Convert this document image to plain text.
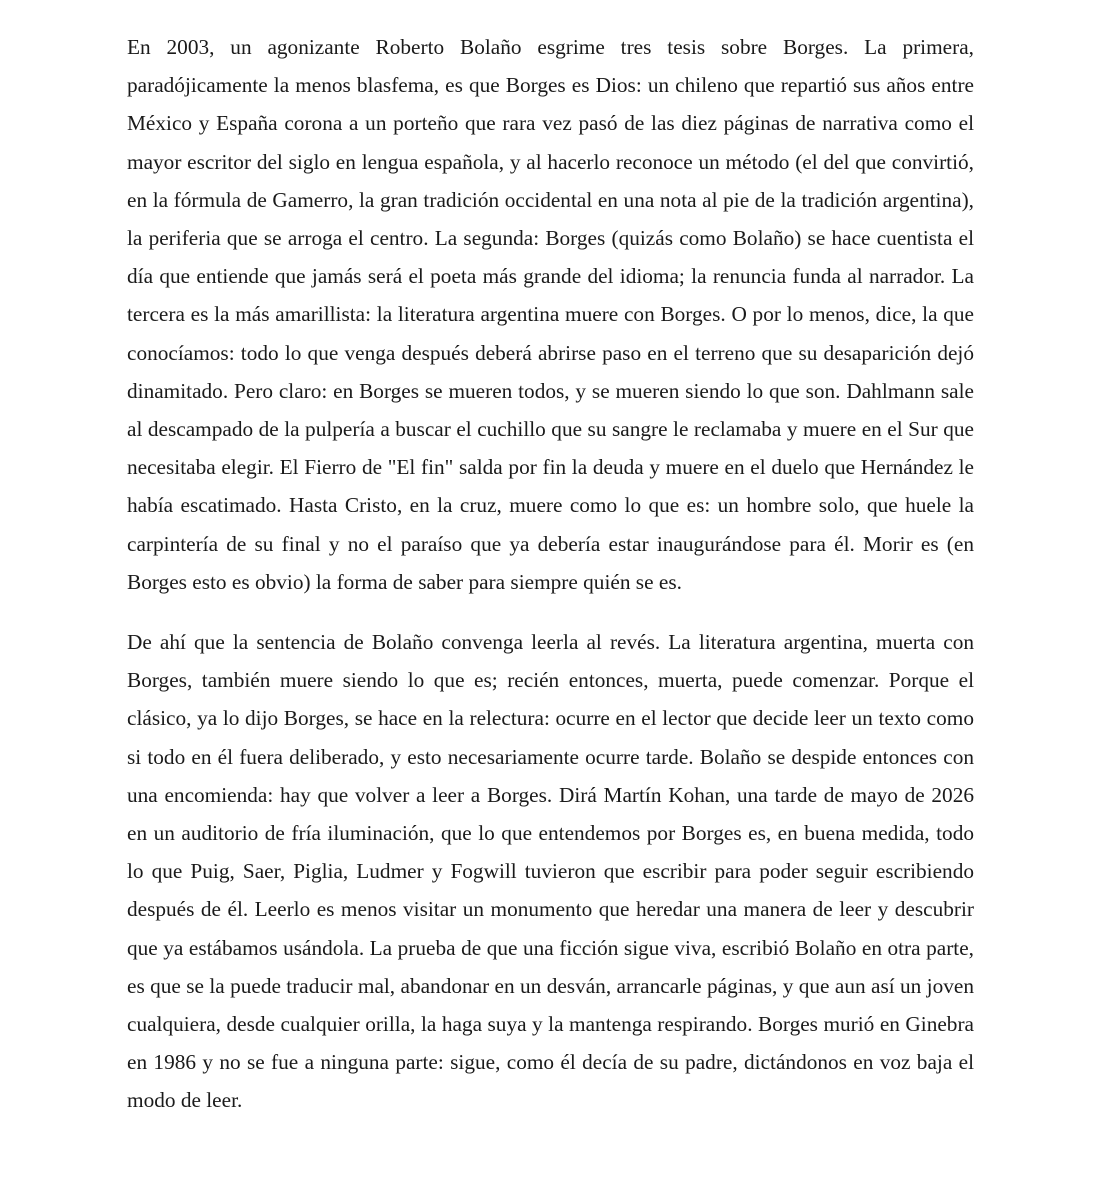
En 2003, un agonizante Roberto Bolaño esgrime tres tesis sobre Borges. La primera, paradójicamente la menos blasfema, es que Borges es Dios: un chileno que repartió sus años entre México y España corona a un porteño que rara vez pasó de las diez páginas de narrativa como el mayor escritor del siglo en lengua española, y al hacerlo reconoce un método (el del que convirtió, en la fórmula de Gamerro, la gran tradición occidental en una nota al pie de la tradición argentina), la periferia que se arroga el centro. La segunda: Borges (quizás como Bolaño) se hace cuentista el día que entiende que jamás será el poeta más grande del idioma; la renuncia funda al narrador. La tercera es la más amarillista: la literatura argentina muere con Borges. O por lo menos, dice, la que conocíamos: todo lo que venga después deberá abrirse paso en el terreno que su desaparición dejó dinamitado. Pero claro: en Borges se mueren todos, y se mueren siendo lo que son. Dahlmann sale al descampado de la pulpería a buscar el cuchillo que su sangre le reclamaba y muere en el Sur que necesitaba elegir. El Fierro de "El fin" salda por fin la deuda y muere en el duelo que Hernández le había escatimado. Hasta Cristo, en la cruz, muere como lo que es: un hombre solo, que huele la carpintería de su final y no el paraíso que ya debería estar inaugurándose para él. Morir es (en Borges esto es obvio) la forma de saber para siempre quién se es.

De ahí que la sentencia de Bolaño convenga leerla al revés. La literatura argentina, muerta con Borges, también muere siendo lo que es; recién entonces, muerta, puede comenzar. Porque el clásico, ya lo dijo Borges, se hace en la relectura: ocurre en el lector que decide leer un texto como si todo en él fuera deliberado, y esto necesariamente ocurre tarde. Bolaño se despide entonces con una encomienda: hay que volver a leer a Borges. Dirá Martín Kohan, una tarde de mayo de 2026 en un auditorio de fría iluminación, que lo que entendemos por Borges es, en buena medida, todo lo que Puig, Saer, Piglia, Ludmer y Fogwill tuvieron que escribir para poder seguir escribiendo después de él. Leerlo es menos visitar un monumento que heredar una manera de leer y descubrir que ya estábamos usándola. La prueba de que una ficción sigue viva, escribió Bolaño en otra parte, es que se la puede traducir mal, abandonar en un desván, arrancarle páginas, y que aun así un joven cualquiera, desde cualquier orilla, la haga suya y la mantenga respirando. Borges murió en Ginebra en 1986 y no se fue a ninguna parte: sigue, como él decía de su padre, dictándonos en voz baja el modo de leer.
